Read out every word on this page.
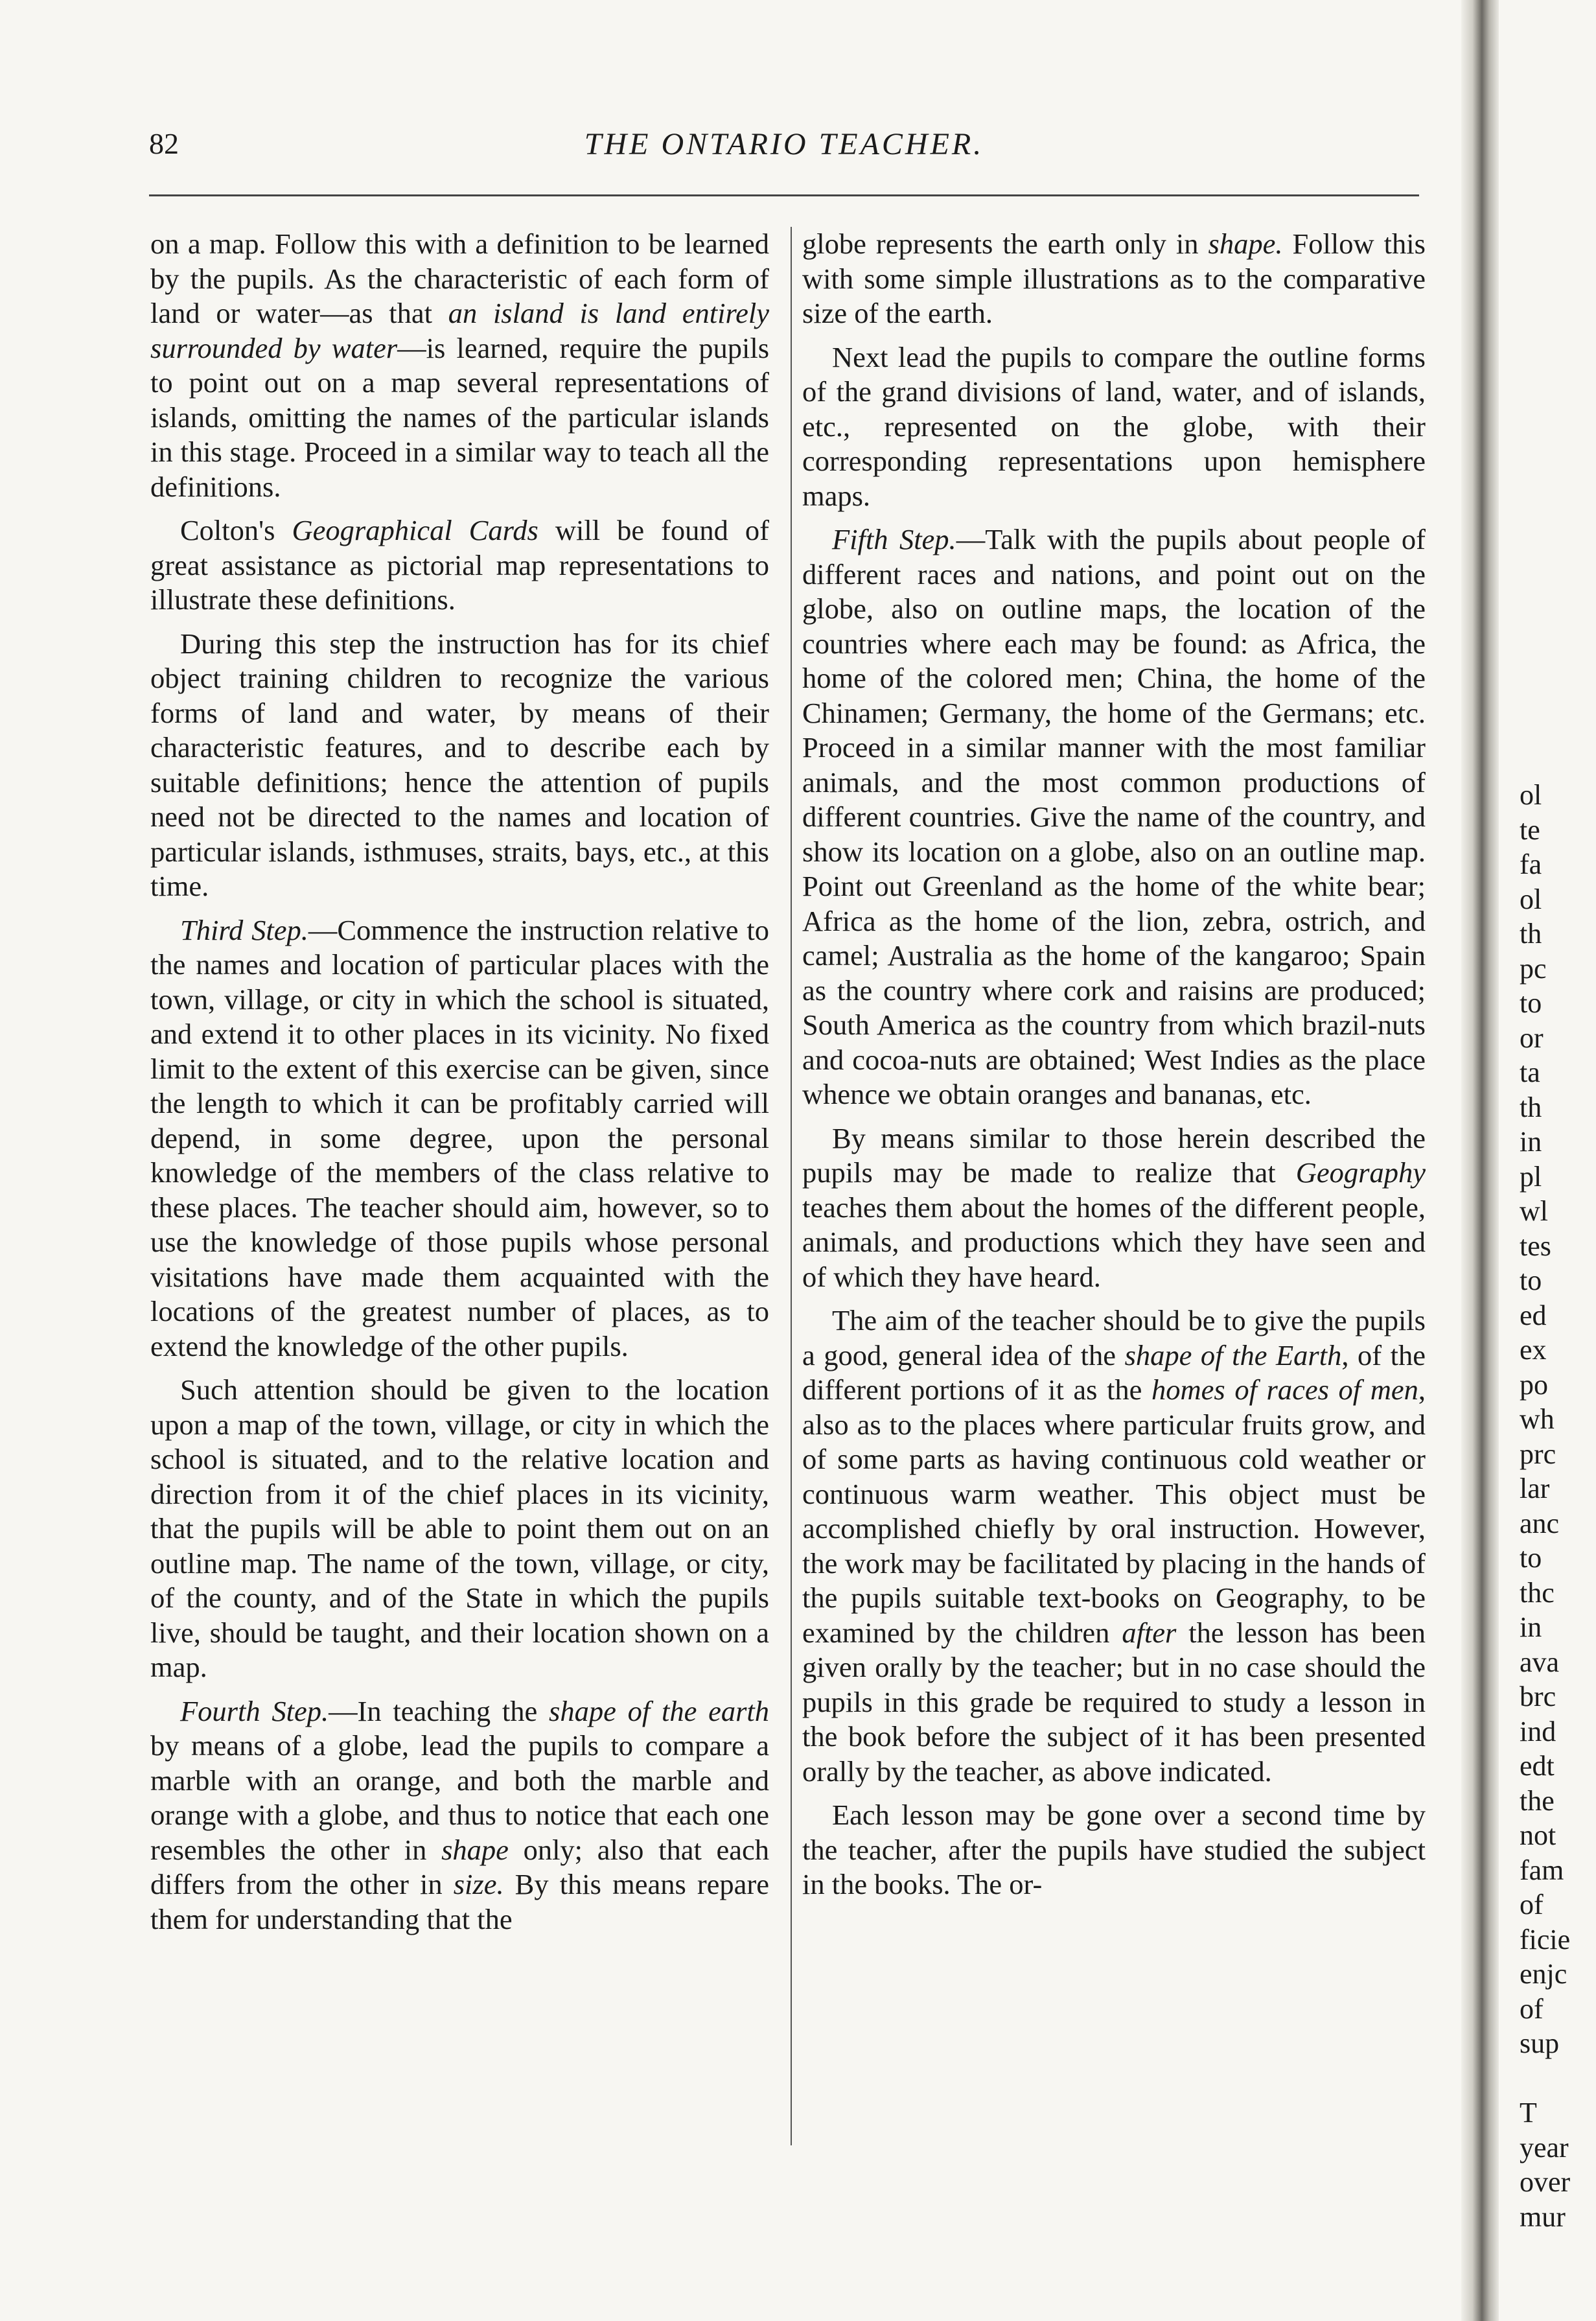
82	THE ONTARIO TEACHER.

on a map. Follow this with a definition to be learned by the pupils. As the characteristic of each form of land or water—as that an island is land entirely surrounded by water—is learned, require the pupils to point out on a map several representations of islands, omitting the names of the particular islands in this stage. Proceed in a similar way to teach all the definitions.

Colton's Geographical Cards will be found of great assistance as pictorial map representations to illustrate these definitions.

During this step the instruction has for its chief object training children to recognize the various forms of land and water, by means of their characteristic features, and to describe each by suitable definitions; hence the attention of pupils need not be directed to the names and location of particular islands, isthmuses, straits, bays, etc., at this time.

Third Step.—Commence the instruction relative to the names and location of particular places with the town, village, or city in which the school is situated, and extend it to other places in its vicinity. No fixed limit to the extent of this exercise can be given, since the length to which it can be profitably carried will depend, in some degree, upon the personal knowledge of the members of the class relative to these places. The teacher should aim, however, so to use the knowledge of those pupils whose personal visitations have made them acquainted with the locations of the greatest number of places, as to extend the knowledge of the other pupils.

Such attention should be given to the location upon a map of the town, village, or city in which the school is situated, and to the relative location and direction from it of the chief places in its vicinity, that the pupils will be able to point them out on an outline map. The name of the town, village, or city, of the county, and of the State in which the pupils live, should be taught, and their location shown on a map.

Fourth Step.—In teaching the shape of the earth by means of a globe, lead the pupils to compare a marble with an orange, and both the marble and orange with a globe, and thus to notice that each one resembles the other in shape only; also that each differs from the other in size. By this means repare them for understanding that the

globe represents the earth only in shape. Follow this with some simple illustrations as to the comparative size of the earth.

Next lead the pupils to compare the outline forms of the grand divisions of land, water, and of islands, etc., represented on the globe, with their corresponding representations upon hemisphere maps.

Fifth Step.—Talk with the pupils about people of different races and nations, and point out on the globe, also on outline maps, the location of the countries where each may be found: as Africa, the home of the colored men; China, the home of the Chinamen; Germany, the home of the Germans; etc. Proceed in a similar manner with the most familiar animals, and the most common productions of different countries. Give the name of the country, and show its location on a globe, also on an outline map. Point out Greenland as the home of the white bear; Africa as the home of the lion, zebra, ostrich, and camel; Australia as the home of the kangaroo; Spain as the country where cork and raisins are produced; South America as the country from which brazil-nuts and cocoa-nuts are obtained; West Indies as the place whence we obtain oranges and bananas, etc.

By means similar to those herein described the pupils may be made to realize that Geography teaches them about the homes of the different people, animals, and productions which they have seen and of which they have heard.

The aim of the teacher should be to give the pupils a good, general idea of the shape of the Earth, of the different portions of it as the homes of races of men, also as to the places where particular fruits grow, and of some parts as having continuous cold weather or continuous warm weather. This object must be accomplished chiefly by oral instruction. However, the work may be facilitated by placing in the hands of the pupils suitable text-books on Geography, to be examined by the children after the lesson has been given orally by the teacher; but in no case should the pupils in this grade be required to study a lesson in the book before the subject of it has been presented orally by the teacher, as above indicated.

Each lesson may be gone over a second time by the teacher, after the pupils have studied the subject in the books. The or-

ol
te
fa
ol
th
pc
to
or
ta
th
in
pl
wl
tes
to
ed
ex
po
wh
prc
lar
anc
to
thc
in
ava
brc
ind
edt
the
not
fam
of
ficie
enjc
of
sup
T
year
over
mur
